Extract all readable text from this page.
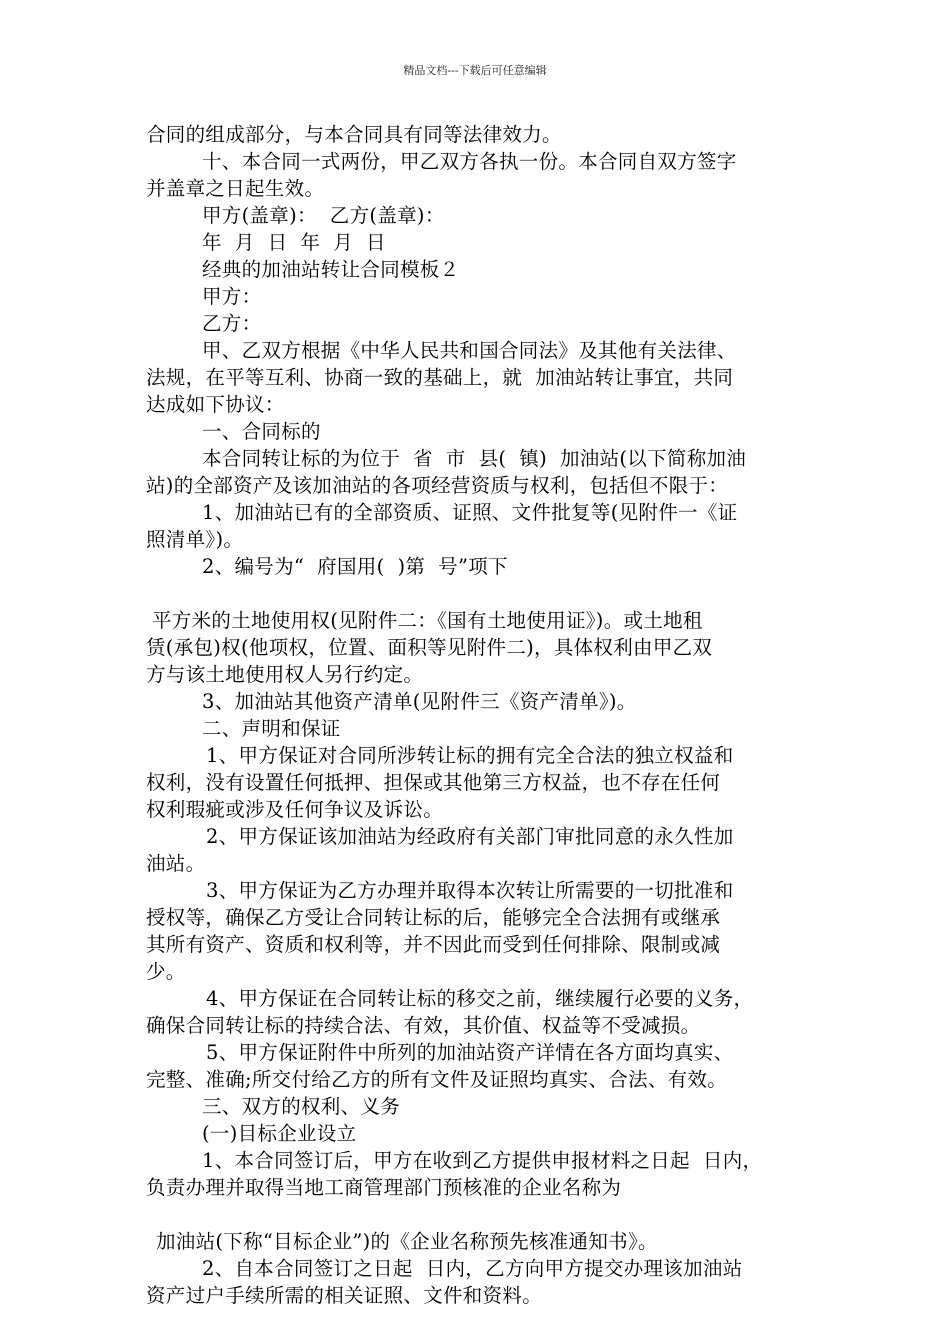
精品文档---下载后可任意编辑
合同的组成部分，与本合同具有同等法律效力。
十、本合同一式两份，甲乙双方各执一份。本合同自双方签字
并盖章之日起生效。
甲方(盖章)：  乙方(盖章)：
年  月  日  年  月  日
经典的加油站转让合同模板２
甲方：
乙方：
甲、乙双方根据《中华人民共和国合同法》及其他有关法律、
法规，在平等互利、协商一致的基础上，就  加油站转让事宜，共同
达成如下协议：
一、合同标的
本合同转让标的为位于  省  市  县(  镇)  加油站(以下简称加油
站)的全部资产及该加油站的各项经营资质与权利，包括但不限于：
1、加油站已有的全部资质、证照、文件批复等(见附件一《证
照清单》)。
2、编号为“  府国用(  )第  号”项下
平方米的土地使用权(见附件二：《国有土地使用证》)。或土地租
赁(承包)权(他项权，位置、面积等见附件二)，具体权利由甲乙双
方与该土地使用权人另行约定。
3、加油站其他资产清单(见附件三《资产清单》)。
二、声明和保证
1、甲方保证对合同所涉转让标的拥有完全合法的独立权益和
权利，没有设置任何抵押、担保或其他第三方权益，也不存在任何
权利瑕疵或涉及任何争议及诉讼。
2、甲方保证该加油站为经政府有关部门审批同意的永久性加
油站。
3、甲方保证为乙方办理并取得本次转让所需要的一切批准和
授权等，确保乙方受让合同转让标的后，能够完全合法拥有或继承
其所有资产、资质和权利等，并不因此而受到任何排除、限制或减
少。
4、甲方保证在合同转让标的移交之前，继续履行必要的义务，
确保合同转让标的持续合法、有效，其价值、权益等不受减损。
5、甲方保证附件中所列的加油站资产详情在各方面均真实、
完整、准确;所交付给乙方的所有文件及证照均真实、合法、有效。
三、双方的权利、义务
(一)目标企业设立
1、本合同签订后，甲方在收到乙方提供申报材料之日起  日内，
负责办理并取得当地工商管理部门预核准的企业名称为
加油站(下称“目标企业”)的《企业名称预先核准通知书》。
2、自本合同签订之日起  日内，乙方向甲方提交办理该加油站
资产过户手续所需的相关证照、文件和资料。
